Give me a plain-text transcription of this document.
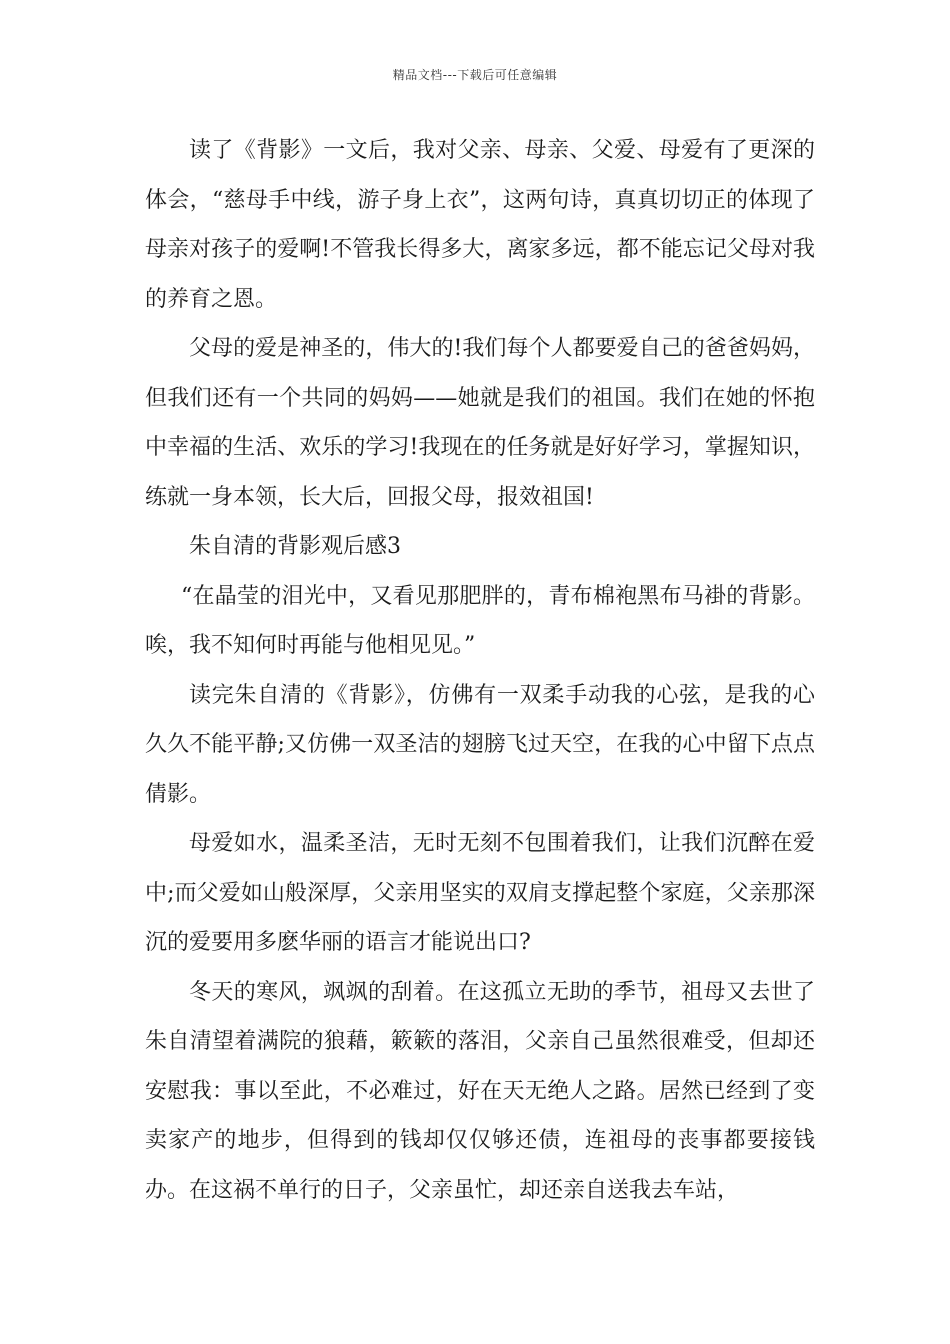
精品文档---下载后可任意编辑

读了《背影》一文后，我对父亲、母亲、父爱、母爱有了更深的体会，“慈母手中线，游子身上衣”，这两句诗，真真切切正的体现了母亲对孩子的爱啊!不管我长得多大，离家多远，都不能忘记父母对我的养育之恩。

父母的爱是神圣的，伟大的!我们每个人都要爱自己的爸爸妈妈，但我们还有一个共同的妈妈——她就是我们的祖国。我们在她的怀抱中幸福的生活、欢乐的学习!我现在的任务就是好好学习，掌握知识，练就一身本领，长大后，回报父母，报效祖国!

朱自清的背影观后感3

“在晶莹的泪光中，又看见那肥胖的，青布棉袍黑布马褂的背影。唉，我不知何时再能与他相见见。”

读完朱自清的《背影》，仿佛有一双柔手动我的心弦，是我的心久久不能平静;又仿佛一双圣洁的翅膀飞过天空，在我的心中留下点点倩影。

母爱如水，温柔圣洁，无时无刻不包围着我们，让我们沉醉在爱中;而父爱如山般深厚，父亲用坚实的双肩支撑起整个家庭，父亲那深沉的爱要用多麽华丽的语言才能说出口?

冬天的寒风，飒飒的刮着。在这孤立无助的季节，祖母又去世了朱自清望着满院的狼藉，簌簌的落泪，父亲自己虽然很难受，但却还安慰我：事以至此，不必难过，好在天无绝人之路。居然已经到了变卖家产的地步，但得到的钱却仅仅够还债，连祖母的丧事都要接钱办。在这祸不单行的日子，父亲虽忙，却还亲自送我去车站，
